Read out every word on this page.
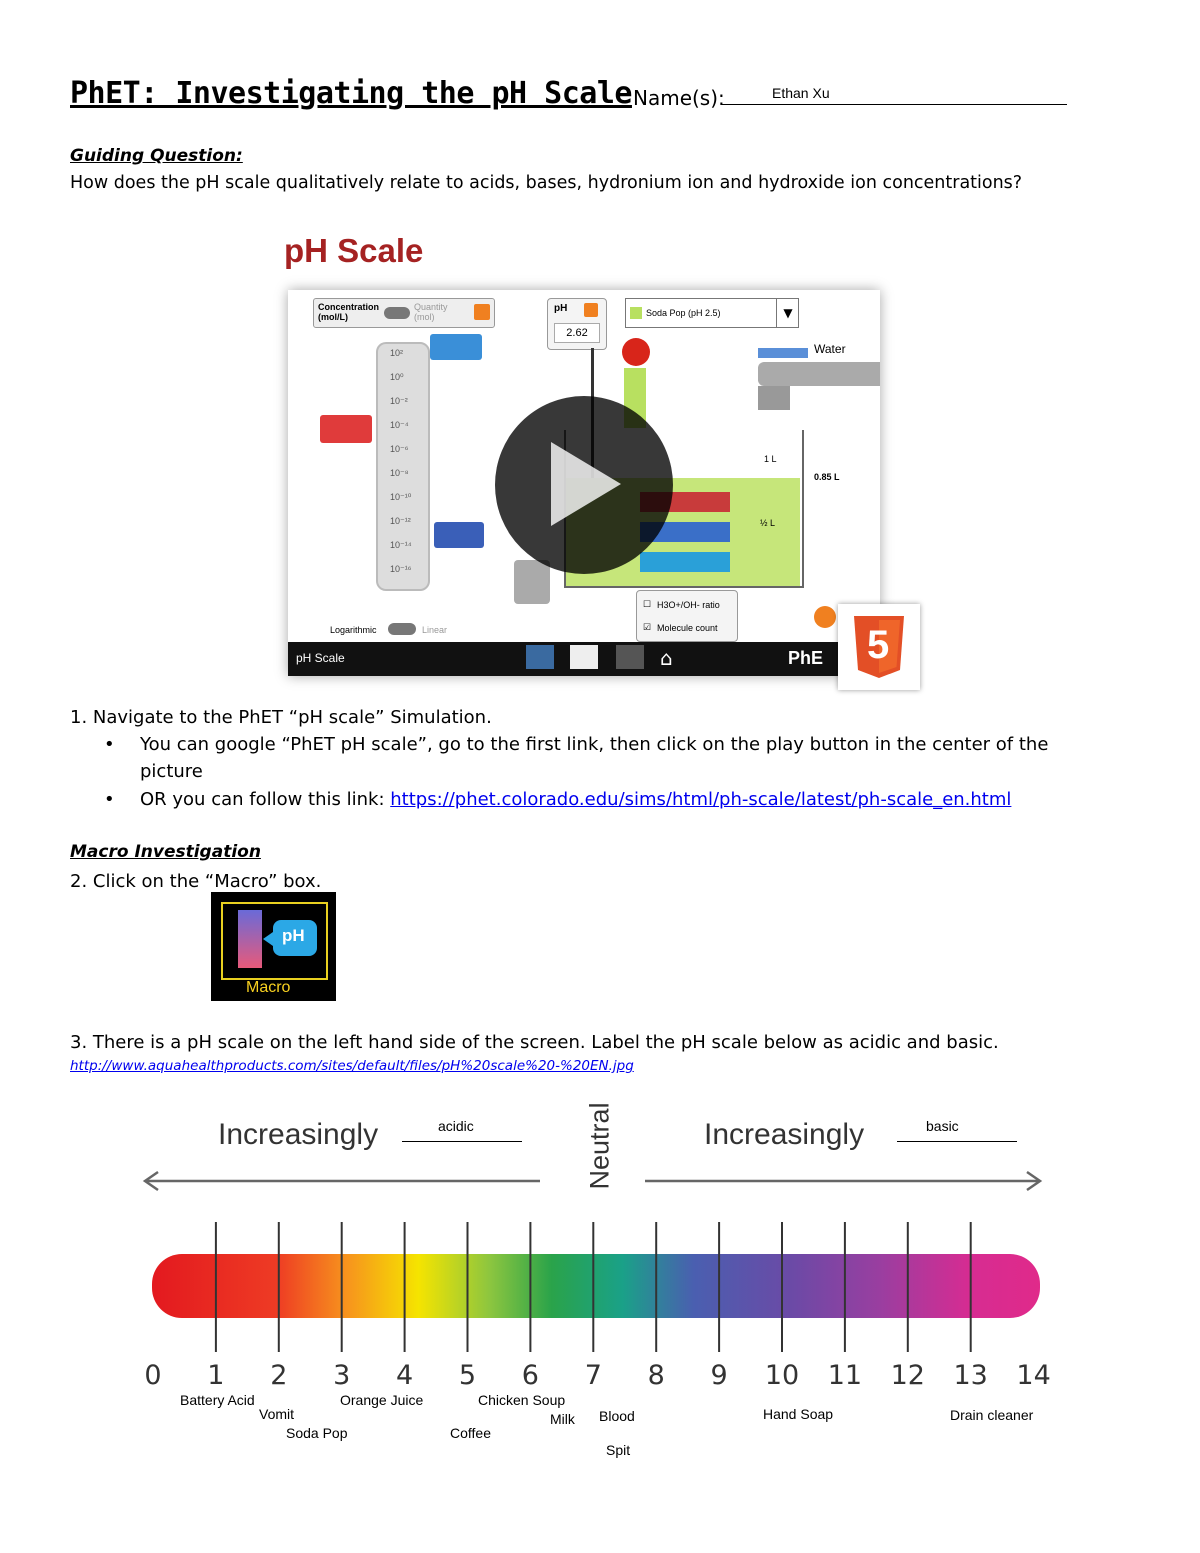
PhET: Investigating the pH Scale Name(s):	Ethan Xu
Guiding Question:
How does the pH scale qualitatively relate to acids, bases, hydronium ion and hydroxide ion concentrations?
pH Scale
Concentration (mol/L)
Quantity (mol)
10²
10⁰
10⁻²
10⁻⁴
10⁻⁶
10⁻⁸
10⁻¹⁰
10⁻¹²
10⁻¹⁴
10⁻¹⁶
Logarithmic	Linear
pH
2.62
Soda Pop (pH 2.5)	▼
Water
1 L
½ L
0.85 L
☐ H3O+/OH- ratio
☑ Molecule count
pH Scale	⌂	PhE 5
1. Navigate to the PhET “pH scale” Simulation.
• You can google “PhET pH scale”, go to the first link, then click on the play button in the center of the
picture
• OR you can follow this link: https://phet.colorado.edu/sims/html/ph-scale/latest/ph-scale_en.html
Macro Investigation
2. Click on the “Macro” box.
pH
Macro
3. There is a pH scale on the left hand side of the screen. Label the pH scale below as acidic and basic.
http://www.aquahealthproducts.com/sites/default/files/pH%20scale%20-%20EN.jpg
Increasingly	acidic	Increasingly	basic
Neutral
0 1 2 3 4 5 6 7 8 9 10 11 12 13 14
Battery Acid
Vomit
Soda Pop
Orange Juice
Coffee
Chicken Soup
Milk Blood
Spit
Hand Soap	Drain cleaner
